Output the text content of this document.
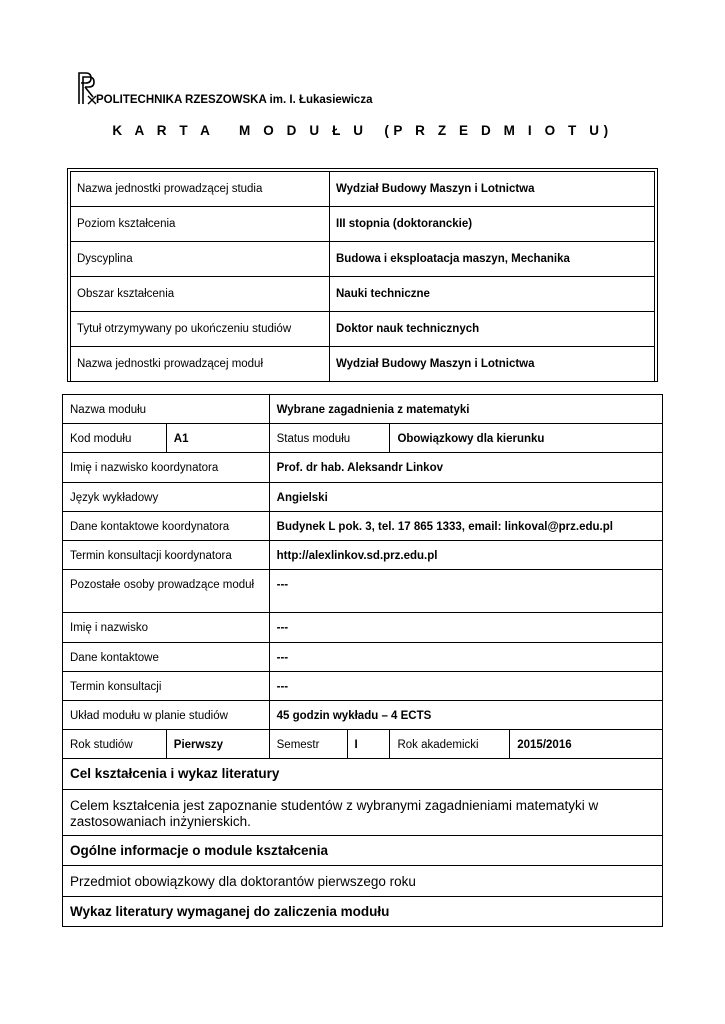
POLITECHNIKA RZESZOWSKA im. I. Łukasiewicza
K A R T A   M O D U Ł U  (P R Z E D M I O T U)
Nazwa jednostki prowadzącej studia	Wydział Budowy Maszyn i Lotnictwa
Poziom kształcenia	III stopnia (doktoranckie)
Dyscyplina	Budowa i eksploatacja maszyn, Mechanika
Obszar kształcenia	Nauki techniczne
Tytuł otrzymywany po ukończeniu studiów	Doktor nauk technicznych
Nazwa jednostki prowadzącej moduł	Wydział Budowy Maszyn i Lotnictwa
Nazwa modułu		Wybrane zagadnienia z matematyki			
Kod modułu	A1	Status modułu		Obowiązkowy dla kierunku	
Imię i nazwisko koordynatora		Prof. dr hab. Aleksandr Linkov			
Język wykładowy		Angielski			
Dane kontaktowe koordynatora		Budynek L pok. 3, tel. 17 865 1333, email: linkoval@prz.edu.pl			
Termin konsultacji koordynatora		http://alexlinkov.sd.prz.edu.pl			
Pozostałe osoby prowadzące moduł		---			
Imię i nazwisko		---			
Dane kontaktowe		---			
Termin konsultacji		---			
Układ modułu w planie studiów		45 godzin wykładu – 4 ECTS			
Rok studiów	Pierwszy	Semestr	I	Rok akademicki	2015/2016
Cel kształcenia i wykaz literatury					
Celem kształcenia jest zapoznanie studentów z wybranymi zagadnieniami matematyki w zastosowaniach inżynierskich.					
Ogólne informacje o module kształcenia					
Przedmiot obowiązkowy dla doktorantów pierwszego roku					
Wykaz literatury wymaganej do zaliczenia modułu					
